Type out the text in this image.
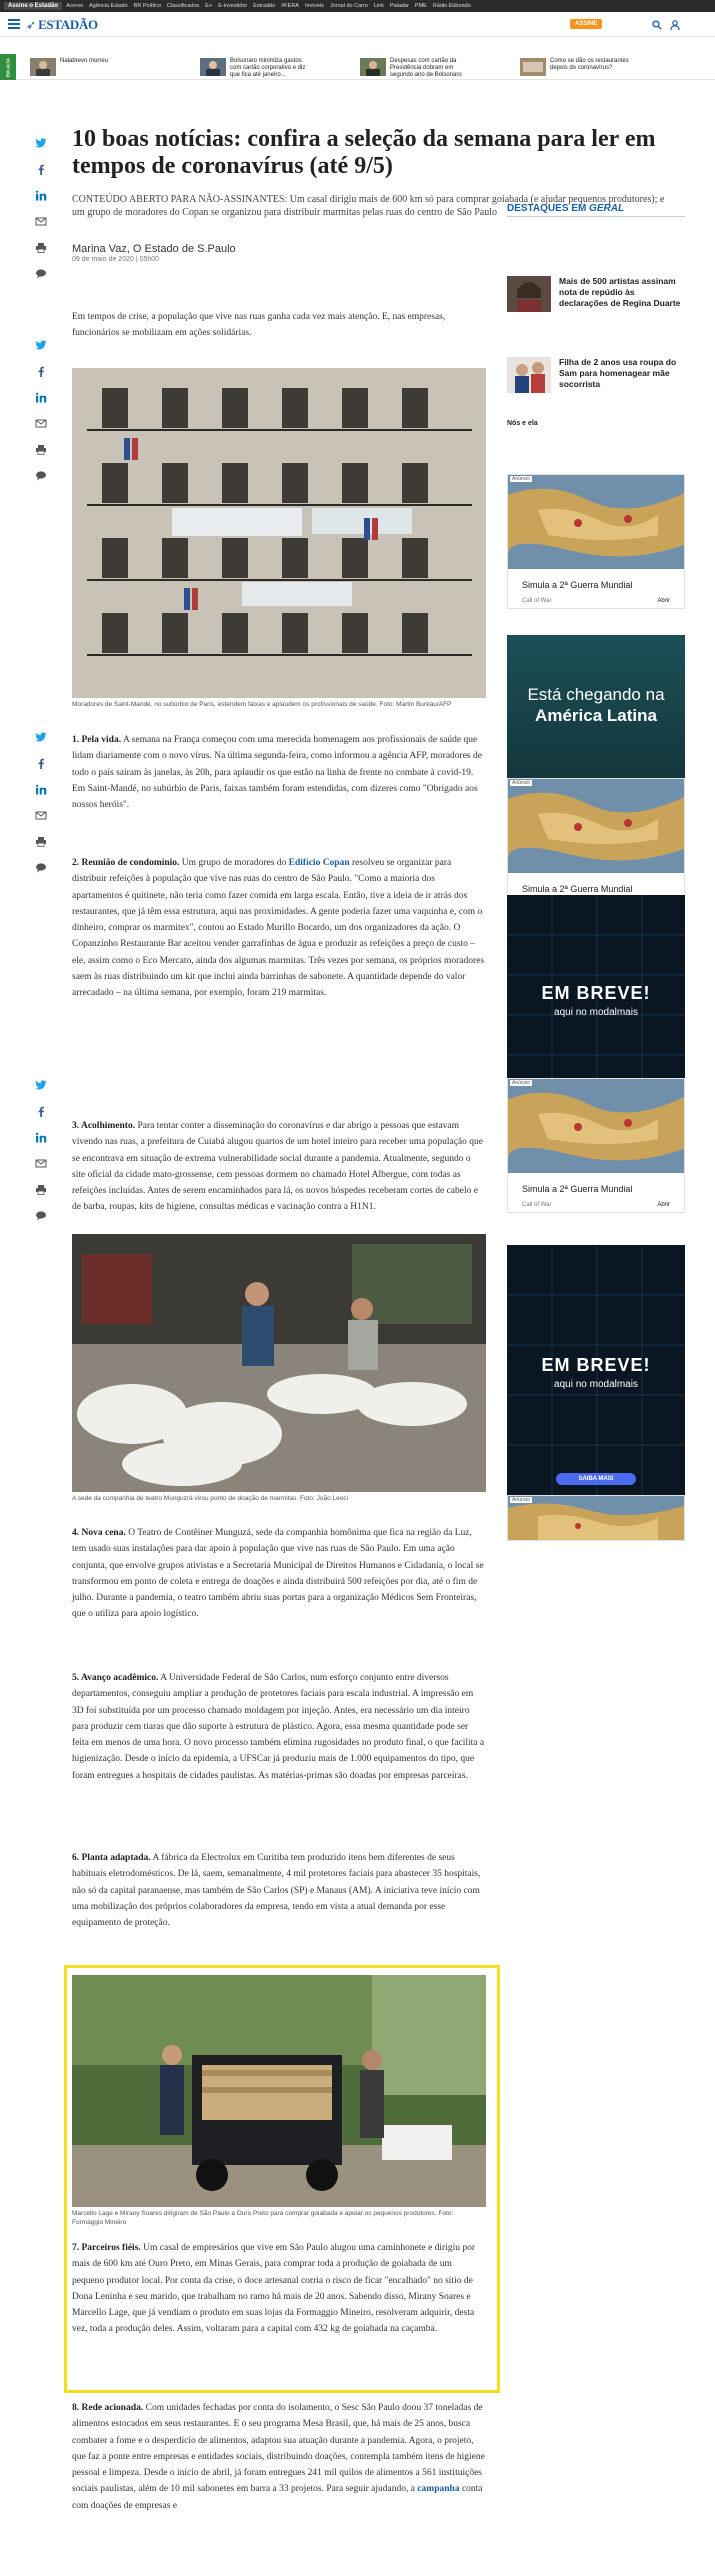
Assine o Estadão	Acervo Agência Estado BR Político Classificados E+ E-investidor Estradão #FERA Imóveis Jornal do Carro Link Paladar PME Rádio Eldorado
➶ ESTADÃO	ASSINE
EM ALTA	Nalabrevo morreu	Bolsonaro minimiza gastos com cartão corporativo e diz que fica até janeiro...
Despesas com cartão da Presidência dobram em segundo ano de Bolsonaro
Como se dão os restaurantes depois do coronavírus?
10 boas notícias: confira a seleção da semana para ler em tempos de coronavírus (até 9/5)

CONTEÚDO ABERTO PARA NÃO-ASSINANTES: Um casal dirigiu mais de 600 km só para comprar goiabada (e ajudar pequenos produtores); e um grupo de moradores do Copan se organizou para distribuir marmitas pelas ruas do centro de São Paulo

Marina Vaz, O Estado de S.Paulo
09 de maio de 2020 | 05h00

Em tempos de crise, a população que vive nas ruas ganha cada vez mais atenção. E, nas empresas, funcionários se mobilizam em ações solidárias.

Moradores de Saint-Mandé, no subúrbio de Paris, estendem faixas e aplaudem os profissionais de saúde. Foto: Martin Bureau/AFP

1. Pela vida. A semana na França começou com uma merecida homenagem aos profissionais de saúde que lidam diariamente com o novo vírus. Na última segunda-feira, como informou a agência AFP, moradores de todo o país saíram às janelas, às 20h, para aplaudir os que estão na linha de frente no combate à covid-19. Em Saint-Mandé, no subúrbio de Paris, faixas também foram estendidas, com dizeres como "Obrigado aos nossos heróis".

2. Reunião de condomínio. Um grupo de moradores do Edifício Copan resolveu se organizar para distribuir refeições à população que vive nas ruas do centro de São Paulo. "Como a maioria dos apartamentos é quitinete, não teria como fazer comida em larga escala. Então, tive a ideia de ir atrás dos restaurantes, que já têm essa estrutura, aqui nas proximidades. A gente poderia fazer uma vaquinha e, com o dinheiro, comprar os marmitex", contou ao Estado Murillo Bocardo, um dos organizadores da ação. O Copanzinho Restaurante Bar aceitou vender garrafinhas de água e produzir as refeições a preço de custo – ele, assim como o Eco Mercato, ainda dos algumas marmitas. Três vezes por semana, os próprios moradores saem às ruas distribuindo um kit que inclui ainda barrinhas de sabonete. A quantidade depende do valor arrecadado – na última semana, por exemplo, foram 219 marmitas.

3. Acolhimento. Para tentar conter a disseminação do coronavírus e dar abrigo a pessoas que estavam vivendo nas ruas, a prefeitura de Cuiabá alugou quartos de um hotel inteiro para receber uma população que se encontrava em situação de extrema vulnerabilidade social durante a pandemia. Atualmente, segundo o site oficial da cidade mato-grossense, cem pessoas dormem no chamado Hotel Albergue, com todas as refeições incluídas. Antes de serem encaminhados para lá, os novos hóspedes receberam cortes de cabelo e de barba, roupas, kits de higiene, consultas médicas e vacinação contra a H1N1.

A sede da companhia de teatro Munguzrá virou ponto de doação de marmitas. Foto: João Leoci

4. Nova cena. O Teatro de Contêiner Munguzá, sede da companhia homônima que fica na região da Luz, tem usado suas instalações para dar apoio à população que vive nas ruas de São Paulo. Em uma ação conjunta, que envolve grupos ativistas e a Secretaria Municipal de Direitos Humanos e Cidadania, o local se transformou em ponto de coleta e entrega de doações e ainda distribuirá 500 refeições por dia, até o fim de julho. Durante a pandemia, o teatro também abriu suas portas para a organização Médicos Sem Fronteiras, que o utiliza para apoio logístico.

5. Avanço acadêmico. A Universidade Federal de São Carlos, num esforço conjunto entre diversos departamentos, conseguiu ampliar a produção de protetores faciais para escala industrial. A impressão em 3D foi substituída por um processo chamado moldagem por injeção. Antes, era necessário um dia inteiro para produzir cem tiaras que dão suporte à estrutura de plástico. Agora, essa mesma quantidade pode ser feita em menos de uma hora. O novo processo também elimina rugosidades no produto final, o que facilita a higienização. Desde o início da epidemia, a UFSCar já produziu mais de 1.000 equipamentos do tipo, que foram entregues a hospitais de cidades paulistas. As matérias-primas são doadas por empresas parceiras.

6. Planta adaptada. A fábrica da Electrolux em Curitiba tem produzido itens bem diferentes de seus habituais eletrodomésticos. De lá, saem, semanalmente, 4 mil protetores faciais para abastecer 35 hospitais, não só da capital paranaense, mas também de São Carlos (SP) e Manaus (AM). A iniciativa teve início com uma mobilização dos próprios colaboradores da empresa, tendo em vista a atual demanda por esse equipamento de proteção.

Marcello Lage e Mirany Soares dirigiram de São Paulo a Ouro Preto para comprar goiabada e apoiar os pequenos produtores. Foto: Formaggio Mineiro

7. Parceiros fiéis. Um casal de empresários que vive em São Paulo alugou uma caminhonete e dirigiu por mais de 600 km até Ouro Preto, em Minas Gerais, para comprar toda a produção de goiabada de um pequeno produtor local. Por conta da crise, o doce artesanal corria o risco de ficar "encalhado" no sítio de Dona Leninha e seu marido, que trabalham no ramo há mais de 20 anos. Sabendo disso, Mirany Soares e Marcello Lage, que já vendiam o produto em suas lojas da Formaggio Mineiro, resolveram adquirir, desta vez, toda a produção deles. Assim, voltaram para a capital com 432 kg de goiabada na caçamba.

8. Rede acionada. Com unidades fechadas por conta do isolamento, o Sesc São Paulo doou 37 toneladas de alimentos estocados em seus restaurantes. E o seu programa Mesa Brasil, que, há mais de 25 anos, busca combater a fome e o desperdício de alimentos, adaptou sua atuação durante a pandemia. Agora, o projeto, que faz a ponte entre empresas e entidades sociais, distribuindo doações, contempla também itens de higiene pessoal e limpeza. Desde o início de abril, já foram entregues 241 mil quilos de alimentos a 561 instituições sociais paulistas, além de 10 mil sabonetes em barra a 33 projetos. Para seguir ajudando, a campanha conta com doações de empresas e

DESTAQUES EM GERAL
Mais de 500 artistas assinam nota de repúdio às declarações de Regina Duarte
Filha de 2 anos usa roupa do Sam para homenagear mãe socorrista
Nós e ela
Anúncio
Simula a 2ª Guerra Mundial
Call of War	Abrir
Está chegando na
América Latina
Anúncio
Simula a 2ª Guerra Mundial
EM BREVE!
aqui no modalmais
Anúncio
Simula a 2ª Guerra Mundial
Call of War	Abrir
EM BREVE!
aqui no modalmais
SAIBA MAIS
Anúncio
